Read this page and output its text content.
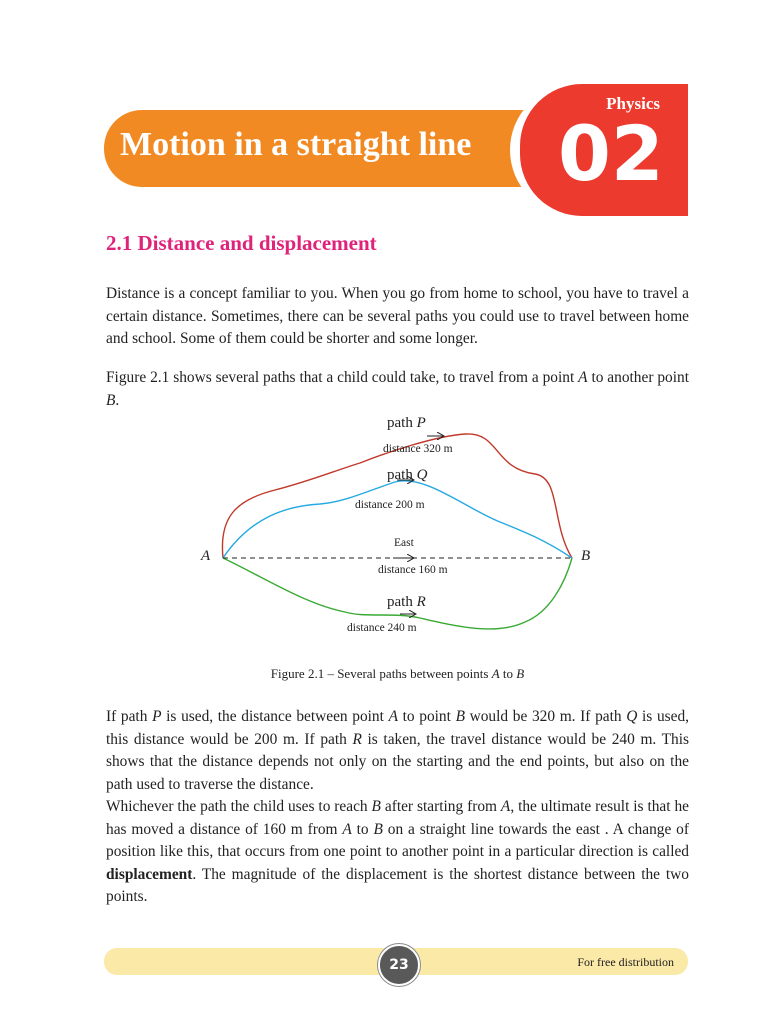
Motion in a straight line
Physics
02
2.1 Distance and displacement

Distance is a concept familiar to you. When you go from home to school, you have to travel a certain distance. Sometimes, there can be several paths you could use to travel between home and school. Some of them could be shorter and some longer.

Figure 2.1 shows several paths that a child could take, to travel from a point A to another point B.

A	B
path P
distance 320 m
path Q
distance 200 m
East
distance 160 m
path R
distance 240 m

Figure 2.1 – Several paths between points A to B

If path P is used, the distance between point A to point B would be 320 m. If path Q is used, this distance would be 200 m. If path R is taken, the travel distance would be 240 m. This shows that the distance depends not only on the starting and the end points, but also on the path used to traverse the distance.

Whichever the path the child uses to reach B after starting from A, the ultimate result is that he has moved a distance of 160 m from A to B on a straight line towards the east . A change of position like this, that occurs from one point to another point in a particular direction is called displacement. The magnitude of the displacement is the shortest distance between the two points.

For free distribution
23
